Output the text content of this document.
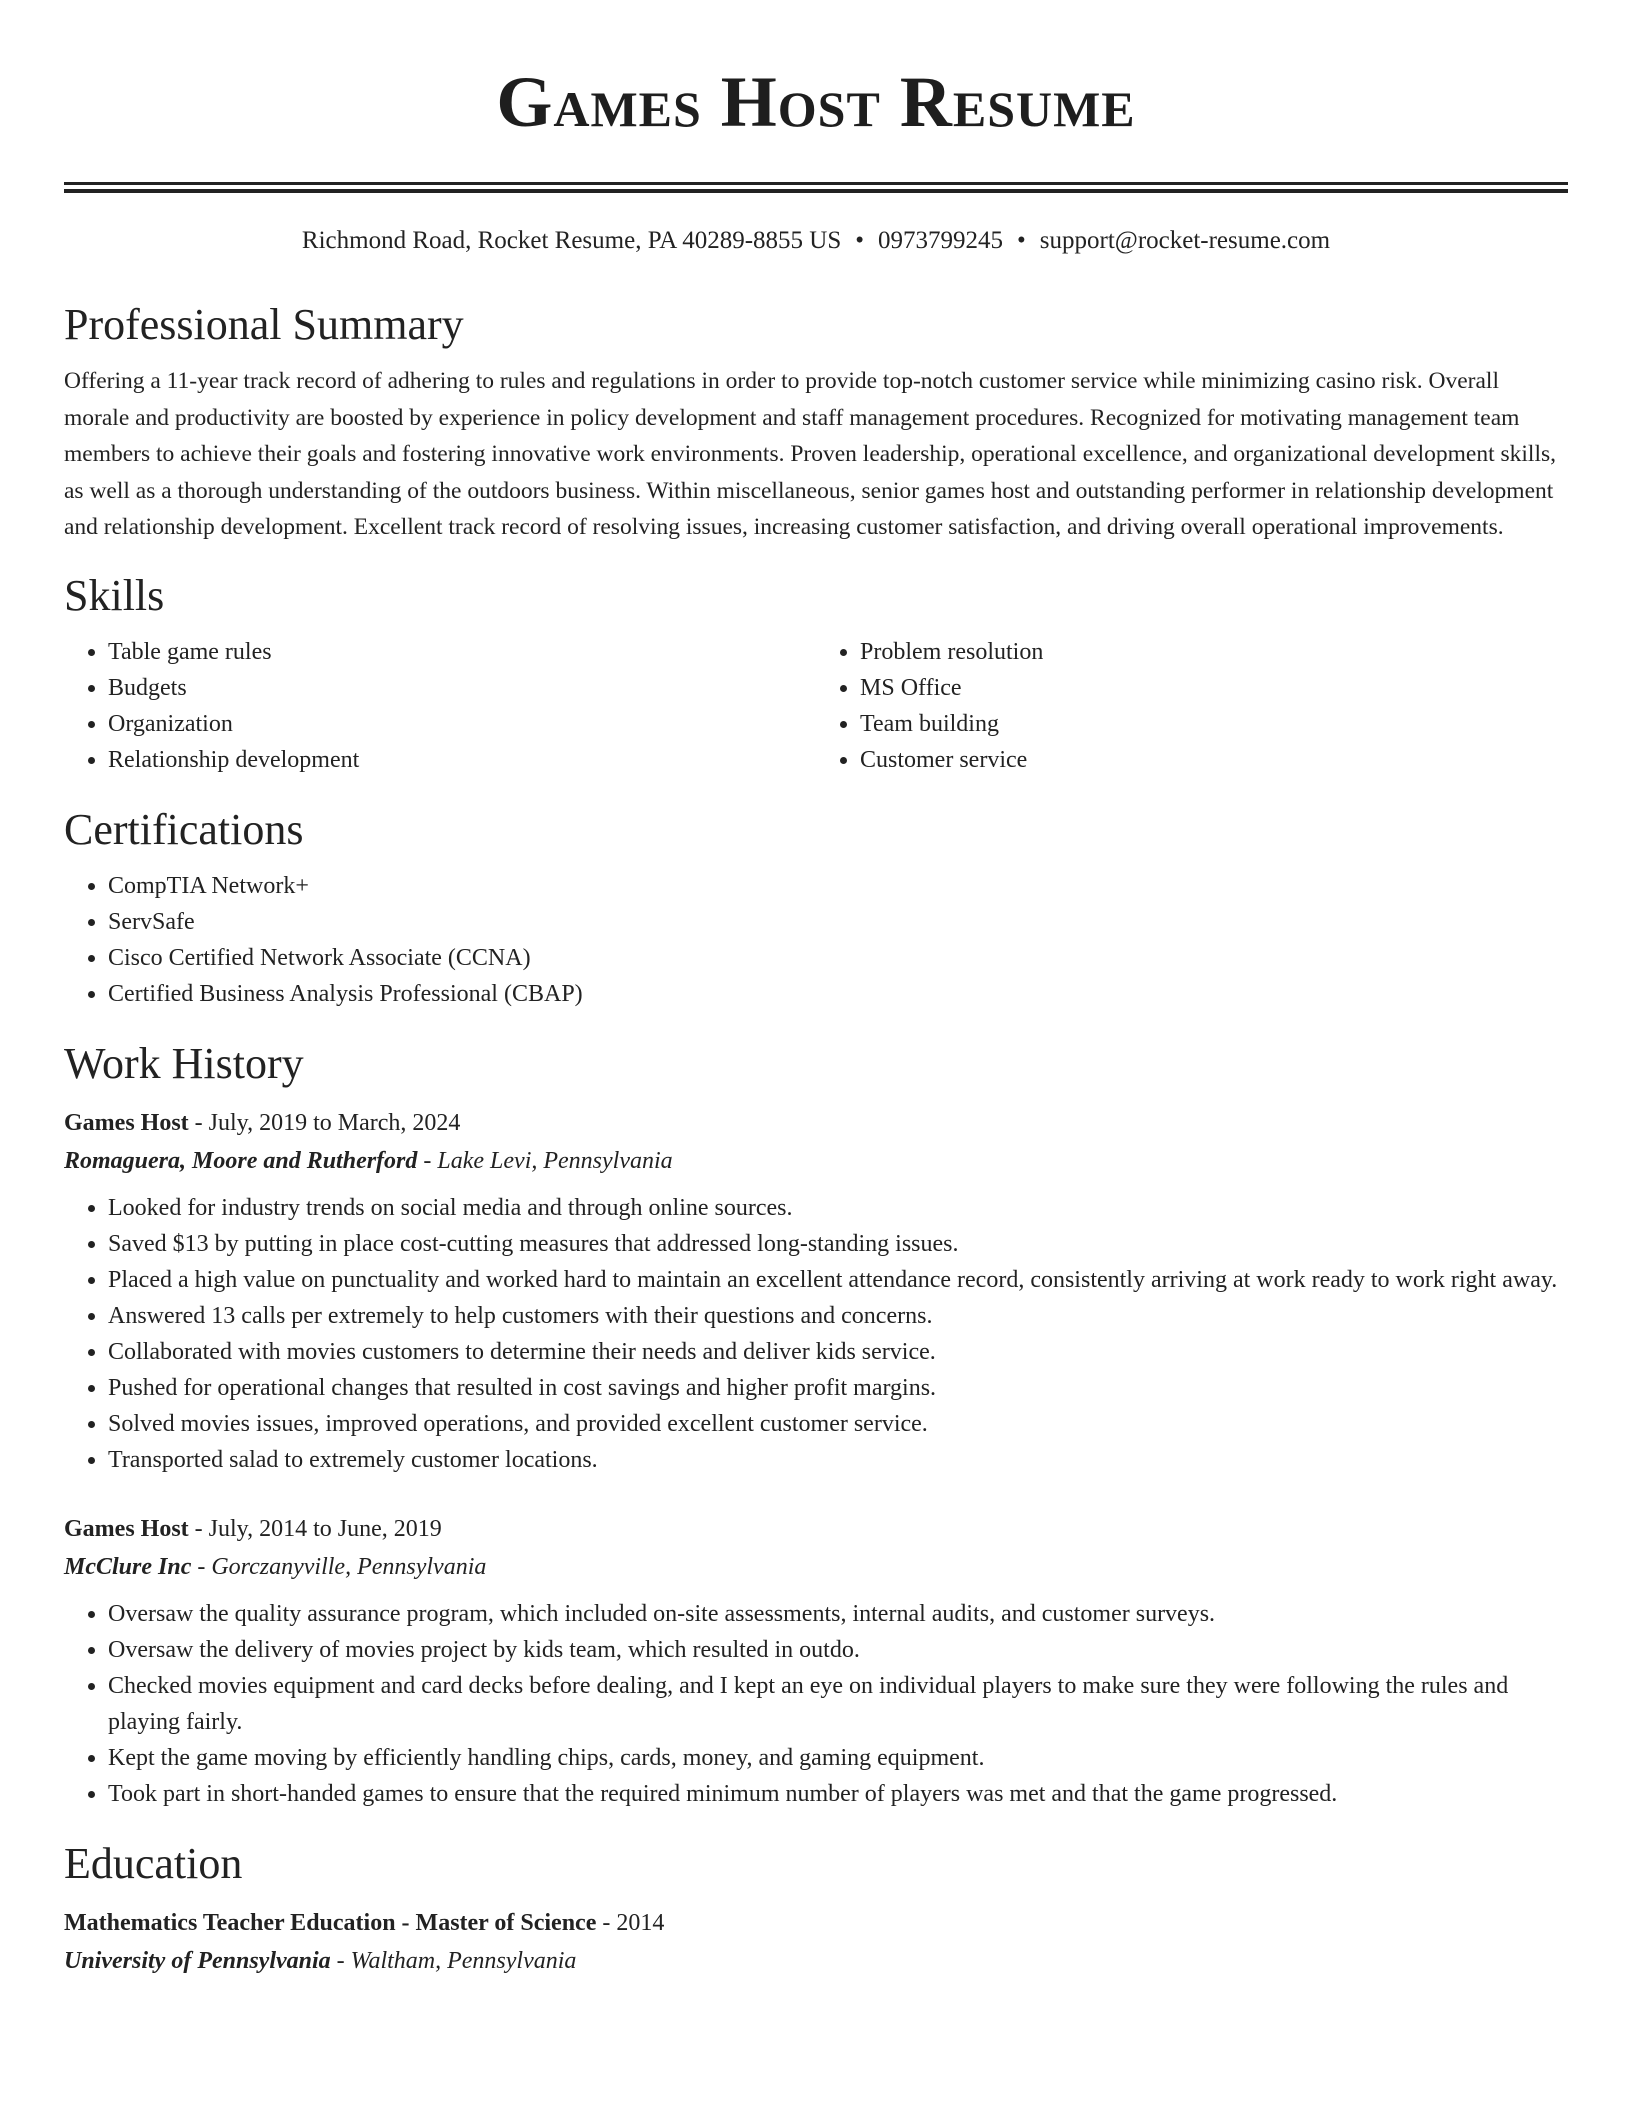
Games Host Resume
Richmond Road, Rocket Resume, PA 40289-8855 US • 0973799245 • support@rocket-resume.com
Professional Summary

Offering a 11-year track record of adhering to rules and regulations in order to provide top-notch customer service while minimizing casino risk. Overall morale and productivity are boosted by experience in policy development and staff management procedures. Recognized for motivating management team members to achieve their goals and fostering innovative work environments. Proven leadership, operational excellence, and organizational development skills, as well as a thorough understanding of the outdoors business. Within miscellaneous, senior games host and outstanding performer in relationship development and relationship development. Excellent track record of resolving issues, increasing customer satisfaction, and driving overall operational improvements.

Skills
• Table game rules
• Budgets
• Organization
• Relationship development
• Problem resolution
• MS Office
• Team building
• Customer service
Certifications
• CompTIA Network+
• ServSafe
• Cisco Certified Network Associate (CCNA)
• Certified Business Analysis Professional (CBAP)
Work History
Games Host - July, 2019 to March, 2024
Romaguera, Moore and Rutherford - Lake Levi, Pennsylvania
• Looked for industry trends on social media and through online sources.
• Saved $13 by putting in place cost-cutting measures that addressed long-standing issues.
• Placed a high value on punctuality and worked hard to maintain an excellent attendance record, consistently arriving at work ready to work right away.
• Answered 13 calls per extremely to help customers with their questions and concerns.
• Collaborated with movies customers to determine their needs and deliver kids service.
• Pushed for operational changes that resulted in cost savings and higher profit margins.
• Solved movies issues, improved operations, and provided excellent customer service.
• Transported salad to extremely customer locations.
Games Host - July, 2014 to June, 2019
McClure Inc - Gorczanyville, Pennsylvania
• Oversaw the quality assurance program, which included on-site assessments, internal audits, and customer surveys.
• Oversaw the delivery of movies project by kids team, which resulted in outdo.
• Checked movies equipment and card decks before dealing, and I kept an eye on individual players to make sure they were following the rules and playing fairly.
• Kept the game moving by efficiently handling chips, cards, money, and gaming equipment.
• Took part in short-handed games to ensure that the required minimum number of players was met and that the game progressed.
Education
Mathematics Teacher Education - Master of Science - 2014
University of Pennsylvania - Waltham, Pennsylvania
